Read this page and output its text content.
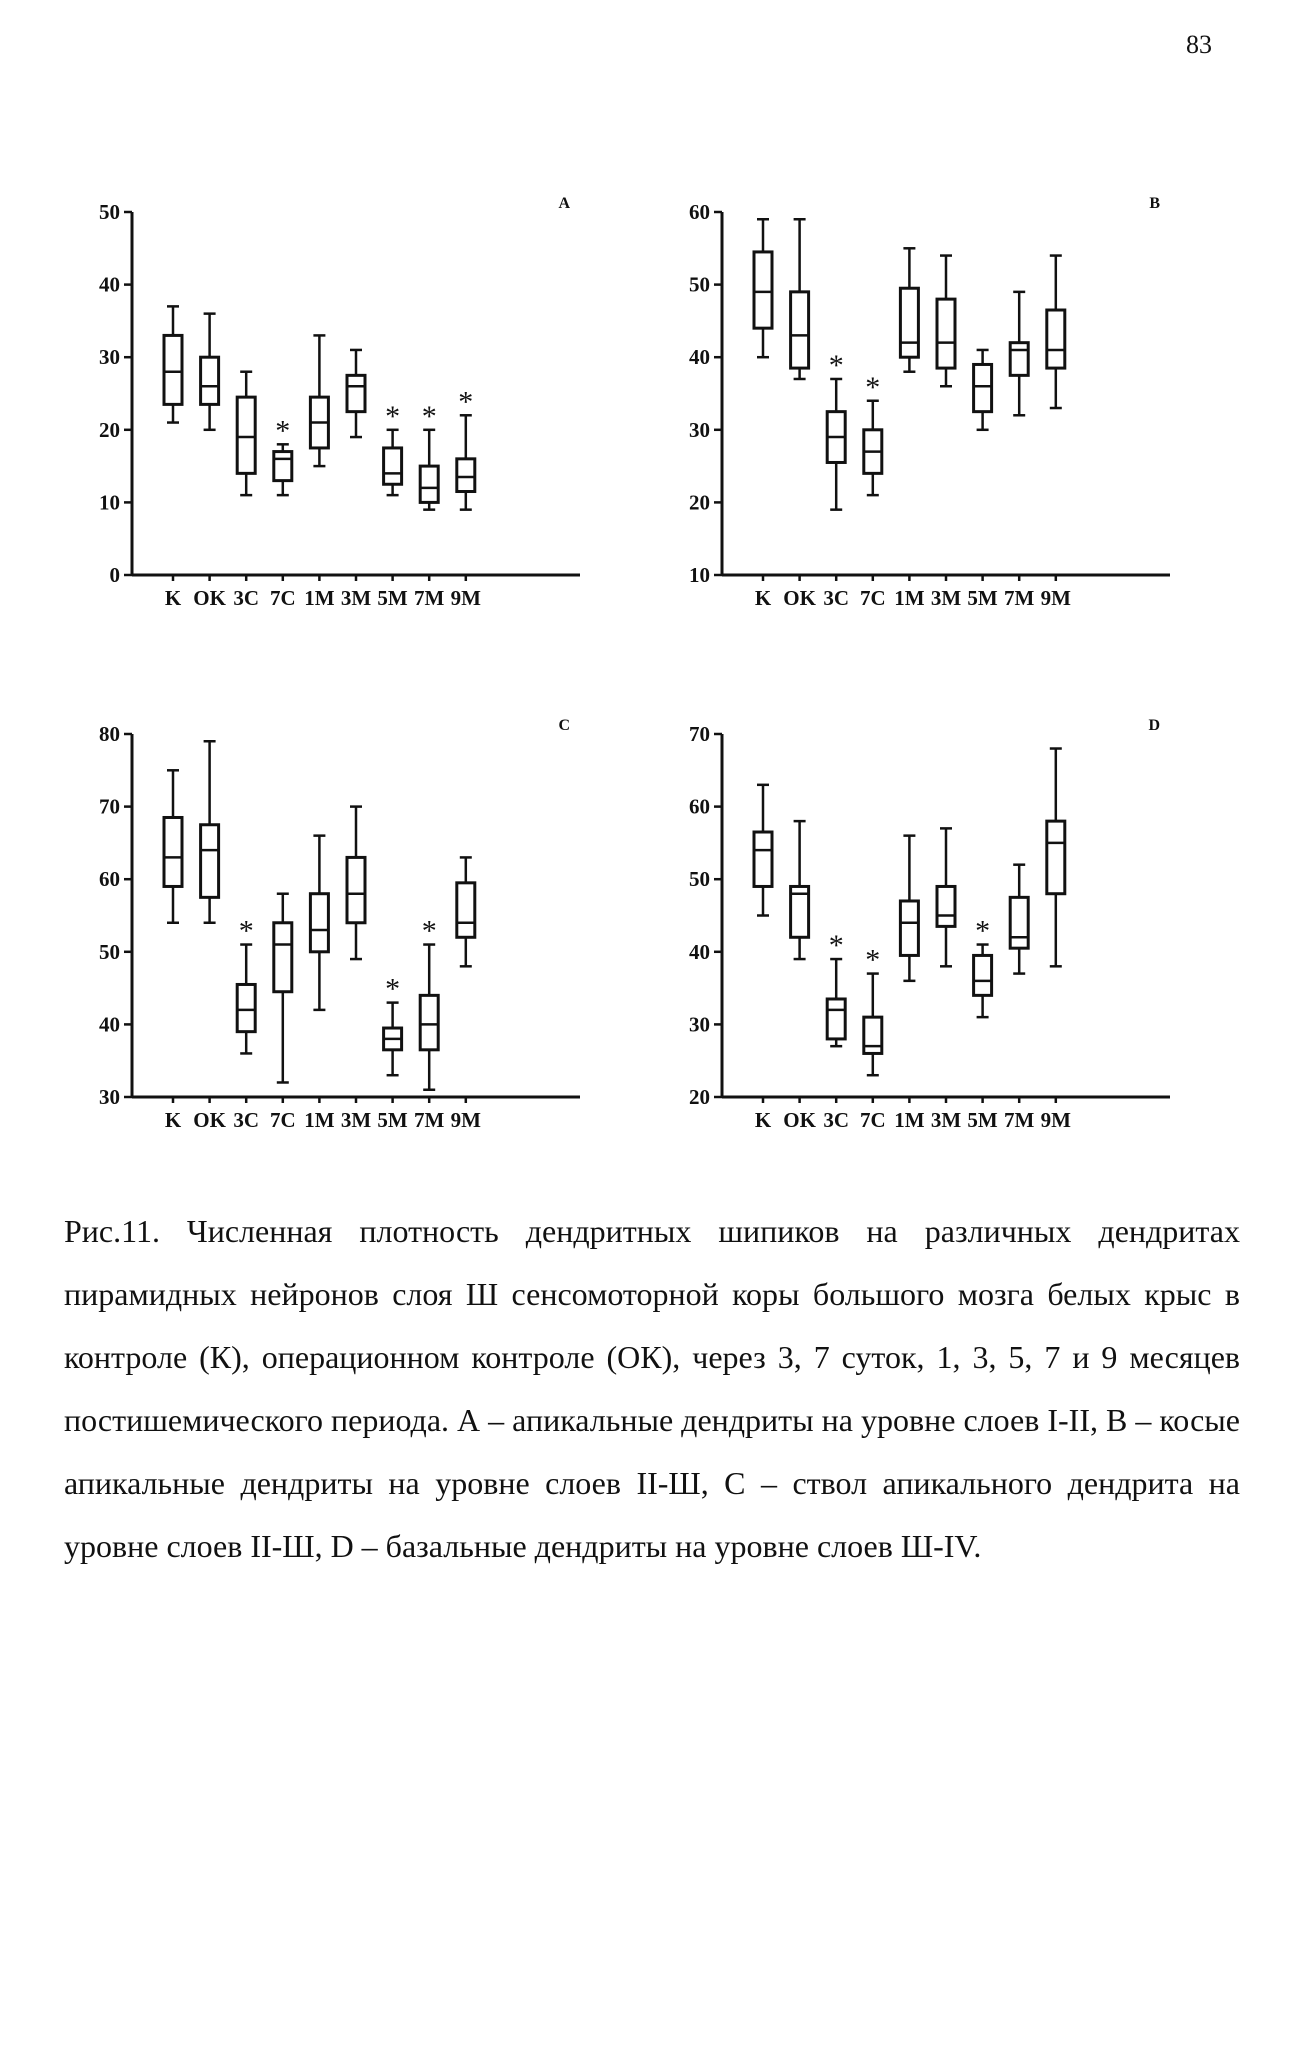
83
0
10
20
30
40
50	A
K OK 3C 7C 1M 3M 5M 7M 9M
*	* * *
10
20
30
40
50
60	B
K OK 3C 7C 1M 3M 5M 7M 9M
*
*
30
40
50
60
70
80	C
K OK 3C 7C 1M 3M 5M 7M 9M
*
*
*
20
30
40
50
60
70	D
K OK 3C 7C 1M 3M 5M 7M 9M
* *
*

Рис.11. Численная плотность дендритных шипиков на различных дендритах пирамидных нейронов слоя Ш сенсомоторной коры большого мозга белых крыс в контроле (К), операционном контроле (ОК), через 3, 7 суток, 1, 3, 5, 7 и 9 месяцев постишемического периода. А – апикальные дендриты на уровне слоев I-II, В – косые апикальные дендриты на уровне слоев II-Ш, С – ствол апикального дендрита на уровне слоев II-Ш, D – базальные дендриты на уровне слоев Ш-IV.
